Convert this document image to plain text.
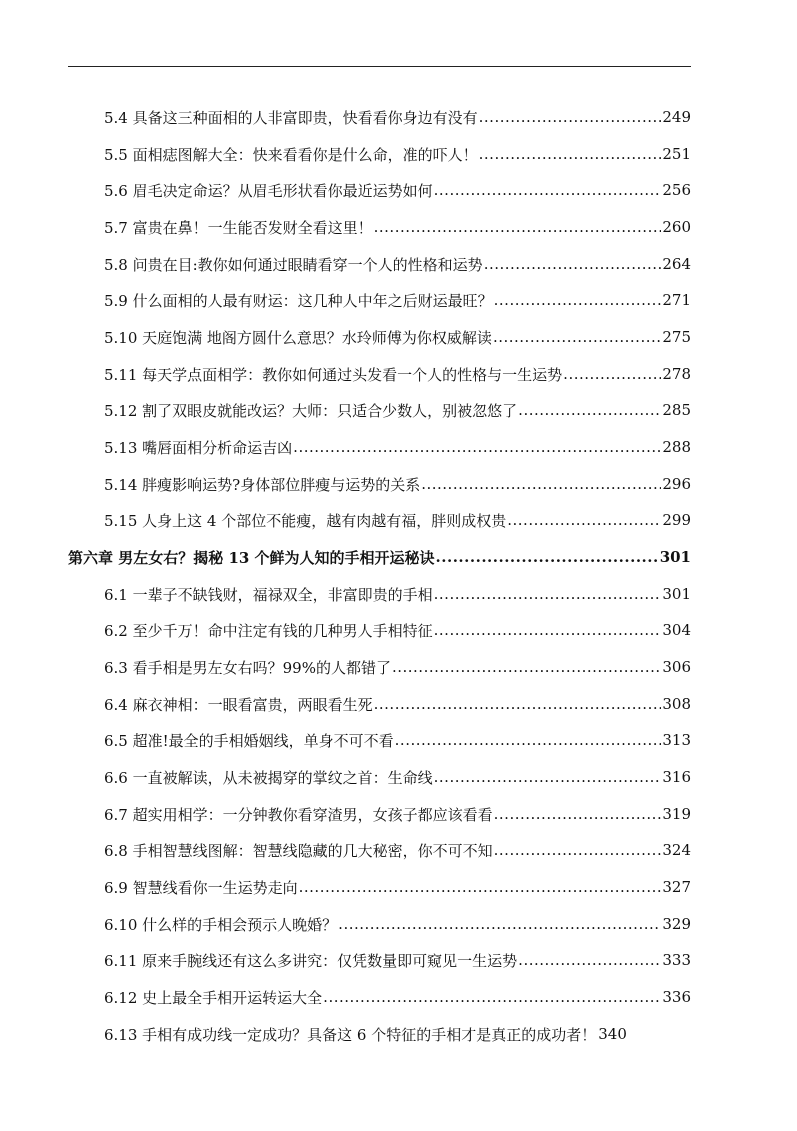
5.4 具备这三种面相的人非富即贵，快看看你身边有没有 .....	249
5.5 面相痣图解大全：快来看看你是什么命，准的吓人！ .....	251
5.6 眉毛决定命运？从眉毛形状看你最近运势如何 .....	256
5.7 富贵在鼻！一生能否发财全看这里！ .....	260
5.8 问贵在目:教你如何通过眼睛看穿一个人的性格和运势 .....	264
5.9 什么面相的人最有财运：这几种人中年之后财运最旺？ .....	271
5.10 天庭饱满 地阁方圆什么意思？水玲师傅为你权威解读 .....	275
5.11 每天学点面相学：教你如何通过头发看一个人的性格与一生运势 .....	278
5.12 割了双眼皮就能改运？大师：只适合少数人，别被忽悠了 .....	285
5.13 嘴唇面相分析命运吉凶 .....	288
5.14 胖瘦影响运势?身体部位胖瘦与运势的关系 .....	296
5.15 人身上这 4 个部位不能瘦，越有肉越有福，胖则成权贵 .....	299
第六章 男左女右？揭秘 13 个鲜为人知的手相开运秘诀 .....	301
6.1 一辈子不缺钱财，福禄双全，非富即贵的手相 .....	301
6.2 至少千万！命中注定有钱的几种男人手相特征 .....	304
6.3 看手相是男左女右吗？99%的人都错了 .....	306
6.4 麻衣神相：一眼看富贵，两眼看生死 .....	308
6.5 超准!最全的手相婚姻线，单身不可不看 .....	313
6.6 一直被解读，从未被揭穿的掌纹之首：生命线 .....	316
6.7 超实用相学：一分钟教你看穿渣男，女孩子都应该看看 .....	319
6.8 手相智慧线图解：智慧线隐藏的几大秘密，你不可不知 .....	324
6.9 智慧线看你一生运势走向 .....	327
6.10 什么样的手相会预示人晚婚？ .....	329
6.11 原来手腕线还有这么多讲究：仅凭数量即可窥见一生运势 .....	333
6.12 史上最全手相开运转运大全 .....	336
6.13 手相有成功线一定成功？具备这 6 个特征的手相才是真正的成功者！ 340
